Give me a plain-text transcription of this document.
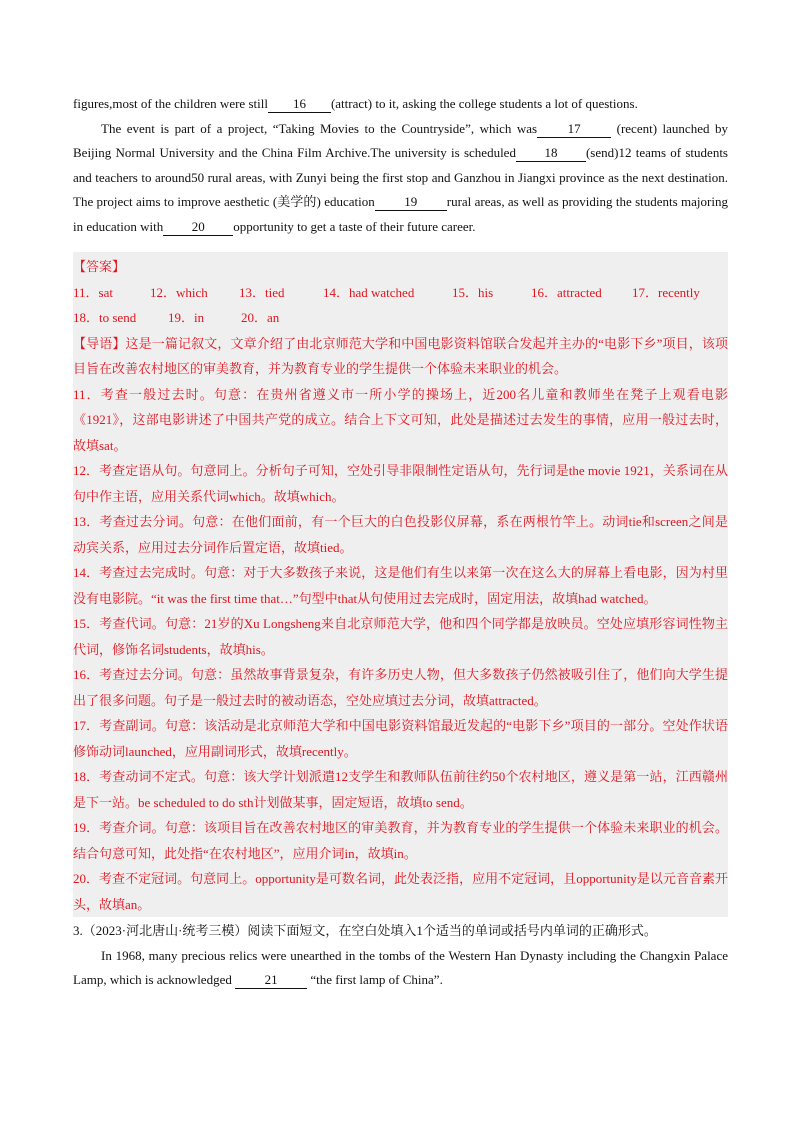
figures,most of the children were still 16 (attract) to it, asking the college students a lot of questions.

The event is part of a project, “Taking Movies to the Countryside”, which was 17 (recent) launched by Beijing Normal University and the China Film Archive.The university is scheduled 18 (send)12 teams of students and teachers to around50 rural areas, with Zunyi being the first stop and Ganzhou in Jiangxi province as the next destination. The project aims to improve aesthetic (美学的) education 19 rural areas, as well as providing the students majoring in education with 20 opportunity to get a taste of their future career.

【答案】

11．sat	12．which	13．tied	14．had watched	15．his	16．attracted	17．recently
18．to send	19．in	20．an

【导语】这是一篇记叙文，文章介绍了由北京师范大学和中国电影资料馆联合发起并主办的“电影下乡”项目，该项目旨在改善农村地区的审美教育，并为教育专业的学生提供一个体验未来职业的机会。

11．考查一般过去时。句意：在贵州省遵义市一所小学的操场上，近200名儿童和教师坐在凳子上观看电影《1921》，这部电影讲述了中国共产党的成立。结合上下文可知，此处是描述过去发生的事情，应用一般过去时，故填sat。

12．考查定语从句。句意同上。分析句子可知，空处引导非限制性定语从句，先行词是the movie 1921，关系词在从句中作主语，应用关系代词which。故填which。

13．考查过去分词。句意：在他们面前，有一个巨大的白色投影仪屏幕，系在两根竹竿上。动词tie和screen之间是动宾关系，应用过去分词作后置定语，故填tied。

14．考查过去完成时。句意：对于大多数孩子来说，这是他们有生以来第一次在这么大的屏幕上看电影，因为村里没有电影院。“it was the first time that…”句型中that从句使用过去完成时，固定用法，故填had watched。

15．考查代词。句意：21岁的Xu Longsheng来自北京师范大学，他和四个同学都是放映员。空处应填形容词性物主代词，修饰名词students，故填his。

16．考查过去分词。句意：虽然故事背景复杂，有许多历史人物，但大多数孩子仍然被吸引住了，他们向大学生提出了很多问题。句子是一般过去时的被动语态，空处应填过去分词，故填attracted。

17．考查副词。句意：该活动是北京师范大学和中国电影资料馆最近发起的“电影下乡”项目的一部分。空处作状语修饰动词launched，应用副词形式，故填recently。

18．考查动词不定式。句意：该大学计划派遣12支学生和教师队伍前往约50个农村地区，遵义是第一站，江西赣州是下一站。be scheduled to do sth计划做某事，固定短语，故填to send。

19．考查介词。句意：该项目旨在改善农村地区的审美教育，并为教育专业的学生提供一个体验未来职业的机会。结合句意可知，此处指“在农村地区”，应用介词in，故填in。

20．考查不定冠词。句意同上。opportunity是可数名词，此处表泛指，应用不定冠词，且opportunity是以元音音素开头，故填an。

3.（2023·河北唐山·统考三模）阅读下面短文，在空白处填入1个适当的单词或括号内单词的正确形式。

In 1968, many precious relics were unearthed in the tombs of the Western Han Dynasty including the Changxin Palace Lamp, which is acknowledged 21 “the first lamp of China”.
